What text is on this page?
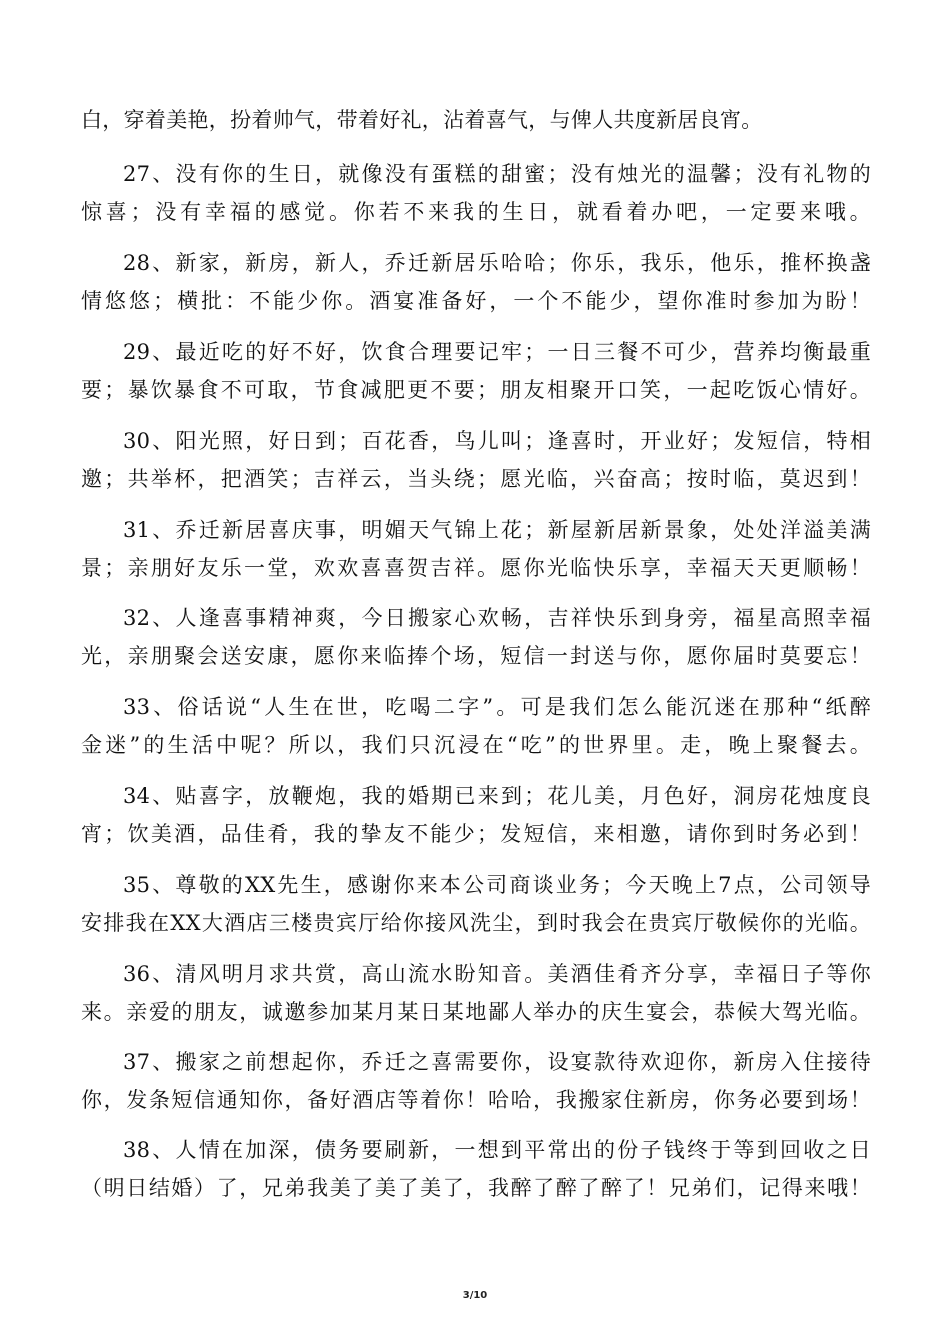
白，穿着美艳，扮着帅气，带着好礼，沾着喜气，与俾人共度新居良宵。

27、没有你的生日，就像没有蛋糕的甜蜜；没有烛光的温馨；没有礼物的
惊喜；没有幸福的感觉。你若不来我的生日，就看着办吧，一定要来哦。

28、新家，新房，新人，乔迁新居乐哈哈；你乐，我乐，他乐，推杯换盏
情悠悠；横批：不能少你。酒宴准备好，一个不能少，望你准时参加为盼！

29、最近吃的好不好，饮食合理要记牢；一日三餐不可少，营养均衡最重
要；暴饮暴食不可取，节食减肥更不要；朋友相聚开口笑，一起吃饭心情好。

30、阳光照，好日到；百花香，鸟儿叫；逢喜时，开业好；发短信，特相
邀；共举杯，把酒笑；吉祥云，当头绕；愿光临，兴奋高；按时临，莫迟到！

31、乔迁新居喜庆事，明媚天气锦上花；新屋新居新景象，处处洋溢美满
景；亲朋好友乐一堂，欢欢喜喜贺吉祥。愿你光临快乐享，幸福天天更顺畅！

32、人逢喜事精神爽，今日搬家心欢畅，吉祥快乐到身旁，福星高照幸福
光，亲朋聚会送安康，愿你来临捧个场，短信一封送与你，愿你届时莫要忘！

33、俗话说“人生在世，吃喝二字”。可是我们怎么能沉迷在那种“纸醉
金迷”的生活中呢？所以，我们只沉浸在“吃”的世界里。走，晚上聚餐去。

34、贴喜字，放鞭炮，我的婚期已来到；花儿美，月色好，洞房花烛度良
宵；饮美酒，品佳肴，我的挚友不能少；发短信，来相邀，请你到时务必到！

35、尊敬的XX先生，感谢你来本公司商谈业务；今天晚上7点，公司领导
安排我在XX大酒店三楼贵宾厅给你接风洗尘，到时我会在贵宾厅敬候你的光临。

36、清风明月求共赏，高山流水盼知音。美酒佳肴齐分享，幸福日子等你
来。亲爱的朋友，诚邀参加某月某日某地鄙人举办的庆生宴会，恭候大驾光临。

37、搬家之前想起你，乔迁之喜需要你，设宴款待欢迎你，新房入住接待
你，发条短信通知你，备好酒店等着你！哈哈，我搬家住新房，你务必要到场！

38、人情在加深，债务要刷新，一想到平常出的份子钱终于等到回收之日
（明日结婚）了，兄弟我美了美了美了，我醉了醉了醉了！兄弟们，记得来哦！

3/10
